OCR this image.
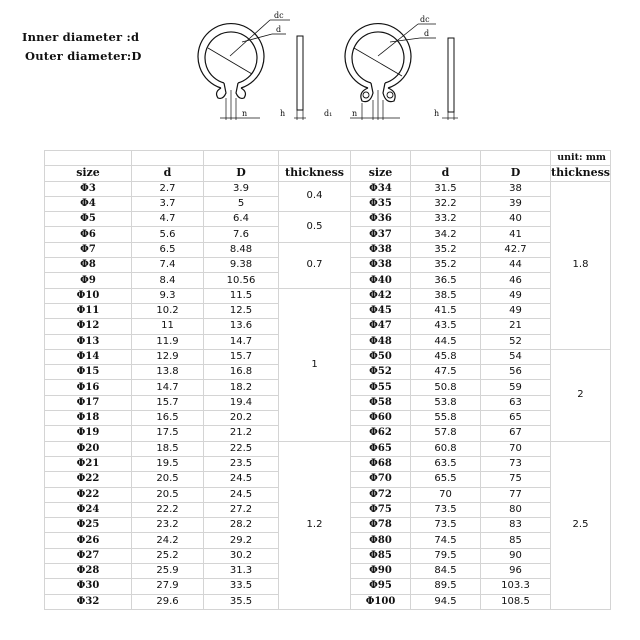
Inner diameter :d
Outer diameter:D
dc
d
n	h
dc
d
d₁ n	h
							unit: mm
size	d	D	thickness	size	d	D	thickness
Φ3	2.7	3.9	0.4	Φ34	31.5	38	1.8
Φ4	3.7	5		Φ35	32.2	39	
Φ5	4.7	6.4	0.5	Φ36	33.2	40	
Φ6	5.6	7.6		Φ37	34.2	41	
Φ7	6.5	8.48	0.7	Φ38	35.2	42.7	
Φ8	7.4	9.38		Φ38	35.2	44	
Φ9	8.4	10.56		Φ40	36.5	46	
Φ10	9.3	11.5	1	Φ42	38.5	49	
Φ11	10.2	12.5		Φ45	41.5	49	
Φ12	11	13.6		Φ47	43.5	21	
Φ13	11.9	14.7		Φ48	44.5	52	
Φ14	12.9	15.7		Φ50	45.8	54	2
Φ15	13.8	16.8		Φ52	47.5	56	
Φ16	14.7	18.2		Φ55	50.8	59	
Φ17	15.7	19.4		Φ58	53.8	63	
Φ18	16.5	20.2		Φ60	55.8	65	
Φ19	17.5	21.2		Φ62	57.8	67	
Φ20	18.5	22.5	1.2	Φ65	60.8	70	2.5
Φ21	19.5	23.5		Φ68	63.5	73	
Φ22	20.5	24.5		Φ70	65.5	75	
Φ22	20.5	24.5		Φ72	70	77	
Φ24	22.2	27.2		Φ75	73.5	80	
Φ25	23.2	28.2		Φ78	73.5	83	
Φ26	24.2	29.2		Φ80	74.5	85	
Φ27	25.2	30.2		Φ85	79.5	90	
Φ28	25.9	31.3		Φ90	84.5	96	
Φ30	27.9	33.5		Φ95	89.5	103.3	
Φ32	29.6	35.5		Φ100	94.5	108.5	
